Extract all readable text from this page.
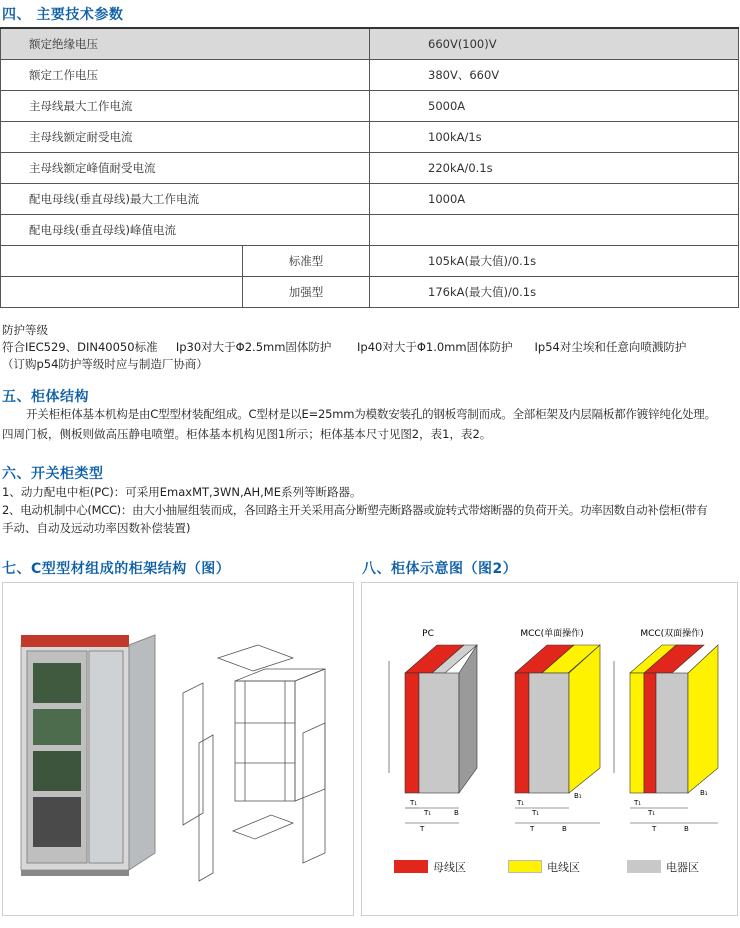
四、 主要技术参数
额定绝缘电压		660V(100)V
额定工作电压		380V、660V
主母线最大工作电流		5000A
主母线额定耐受电流		100kA/1s
主母线额定峰值耐受电流		220kA/0.1s
配电母线(垂直母线)最大工作电流		1000A
配电母线(垂直母线)峰值电流		
	标准型	105kA(最大值)/0.1s
	加强型	176kA(最大值)/0.1s
防护等级
符合IEC529、DIN40050标准     Ip30对大于Φ2.5mm固体防护       Ip40对大于Φ1.0mm固体防护      Ip54对尘埃和任意向喷溅防护
（订购p54防护等级时应与制造厂协商）
五、柜体结构
开关柜柜体基本机构是由C型型材装配组成。C型材是以E=25mm为模数安装孔的钢板弯制而成。全部柜架及内层隔板都作镀锌纯化处理。
四周门板，侧板则做高压静电喷塑。柜体基本机构见图1所示；柜体基本尺寸见图2，表1，表2。
六、开关柜类型
1、动力配电中柜(PC)：可采用EmaxMT,3WN,AH,ME系列等断路器。
2、电动机制中心(MCC)：由大小抽屉组装而成，各回路主开关采用高分断塑壳断路器或旋转式带熔断器的负荷开关。功率因数自动补偿柜(带有
手动、自动及远动功率因数补偿装置)
七、C型型材组成的柜架结构（图）	八、柜体示意图（图2）
PC	MCC(单面操作)	MCC(双面操作)
T₁
T₁
T
B
T₁
T₁
T
B₁
B
T₁
T₁
T
B₁
B
母线区	电线区	电器区
